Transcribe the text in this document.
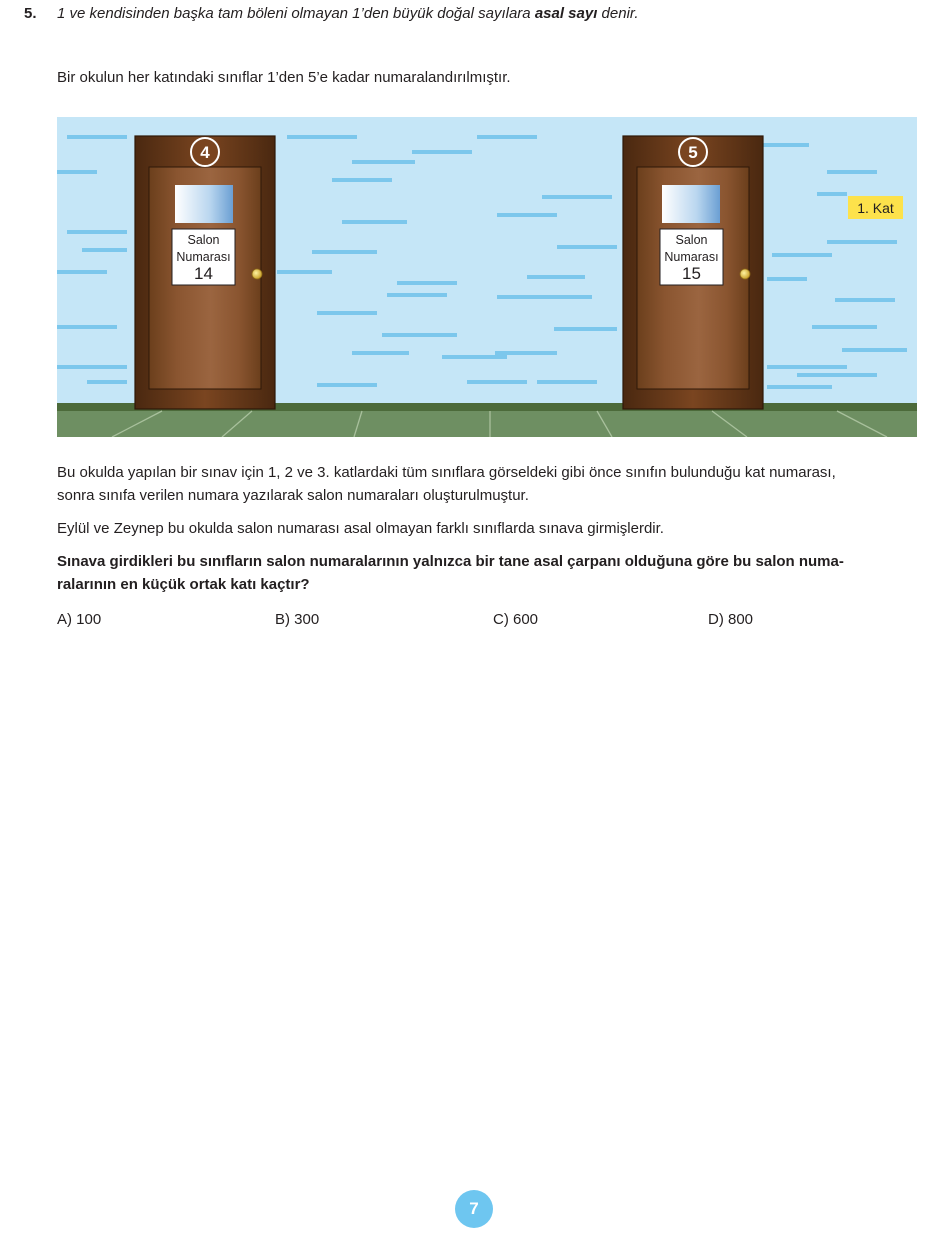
5. 1 ve kendisinden başka tam böleni olmayan 1’den büyük doğal sayılara asal sayı denir.
Bir okulun her katındaki sınıflar 1’den 5’e kadar numaralandırılmıştır.
4
Salon
Numarası
14
5
Salon
Numarası
15
1. Kat
Bu okulda yapılan bir sınav için 1, 2 ve 3. katlardaki tüm sınıflara görseldeki gibi önce sınıfın bulunduğu kat numarası,
sonra sınıfa verilen numara yazılarak salon numaraları oluşturulmuştur.
Eylül ve Zeynep bu okulda salon numarası asal olmayan farklı sınıflarda sınava girmişlerdir.
Sınava girdikleri bu sınıfların salon numaralarının yalnızca bir tane asal çarpanı olduğuna göre bu salon numa-
ralarının en küçük ortak katı kaçtır?
A) 100	B) 300	C) 600	D) 800
7
